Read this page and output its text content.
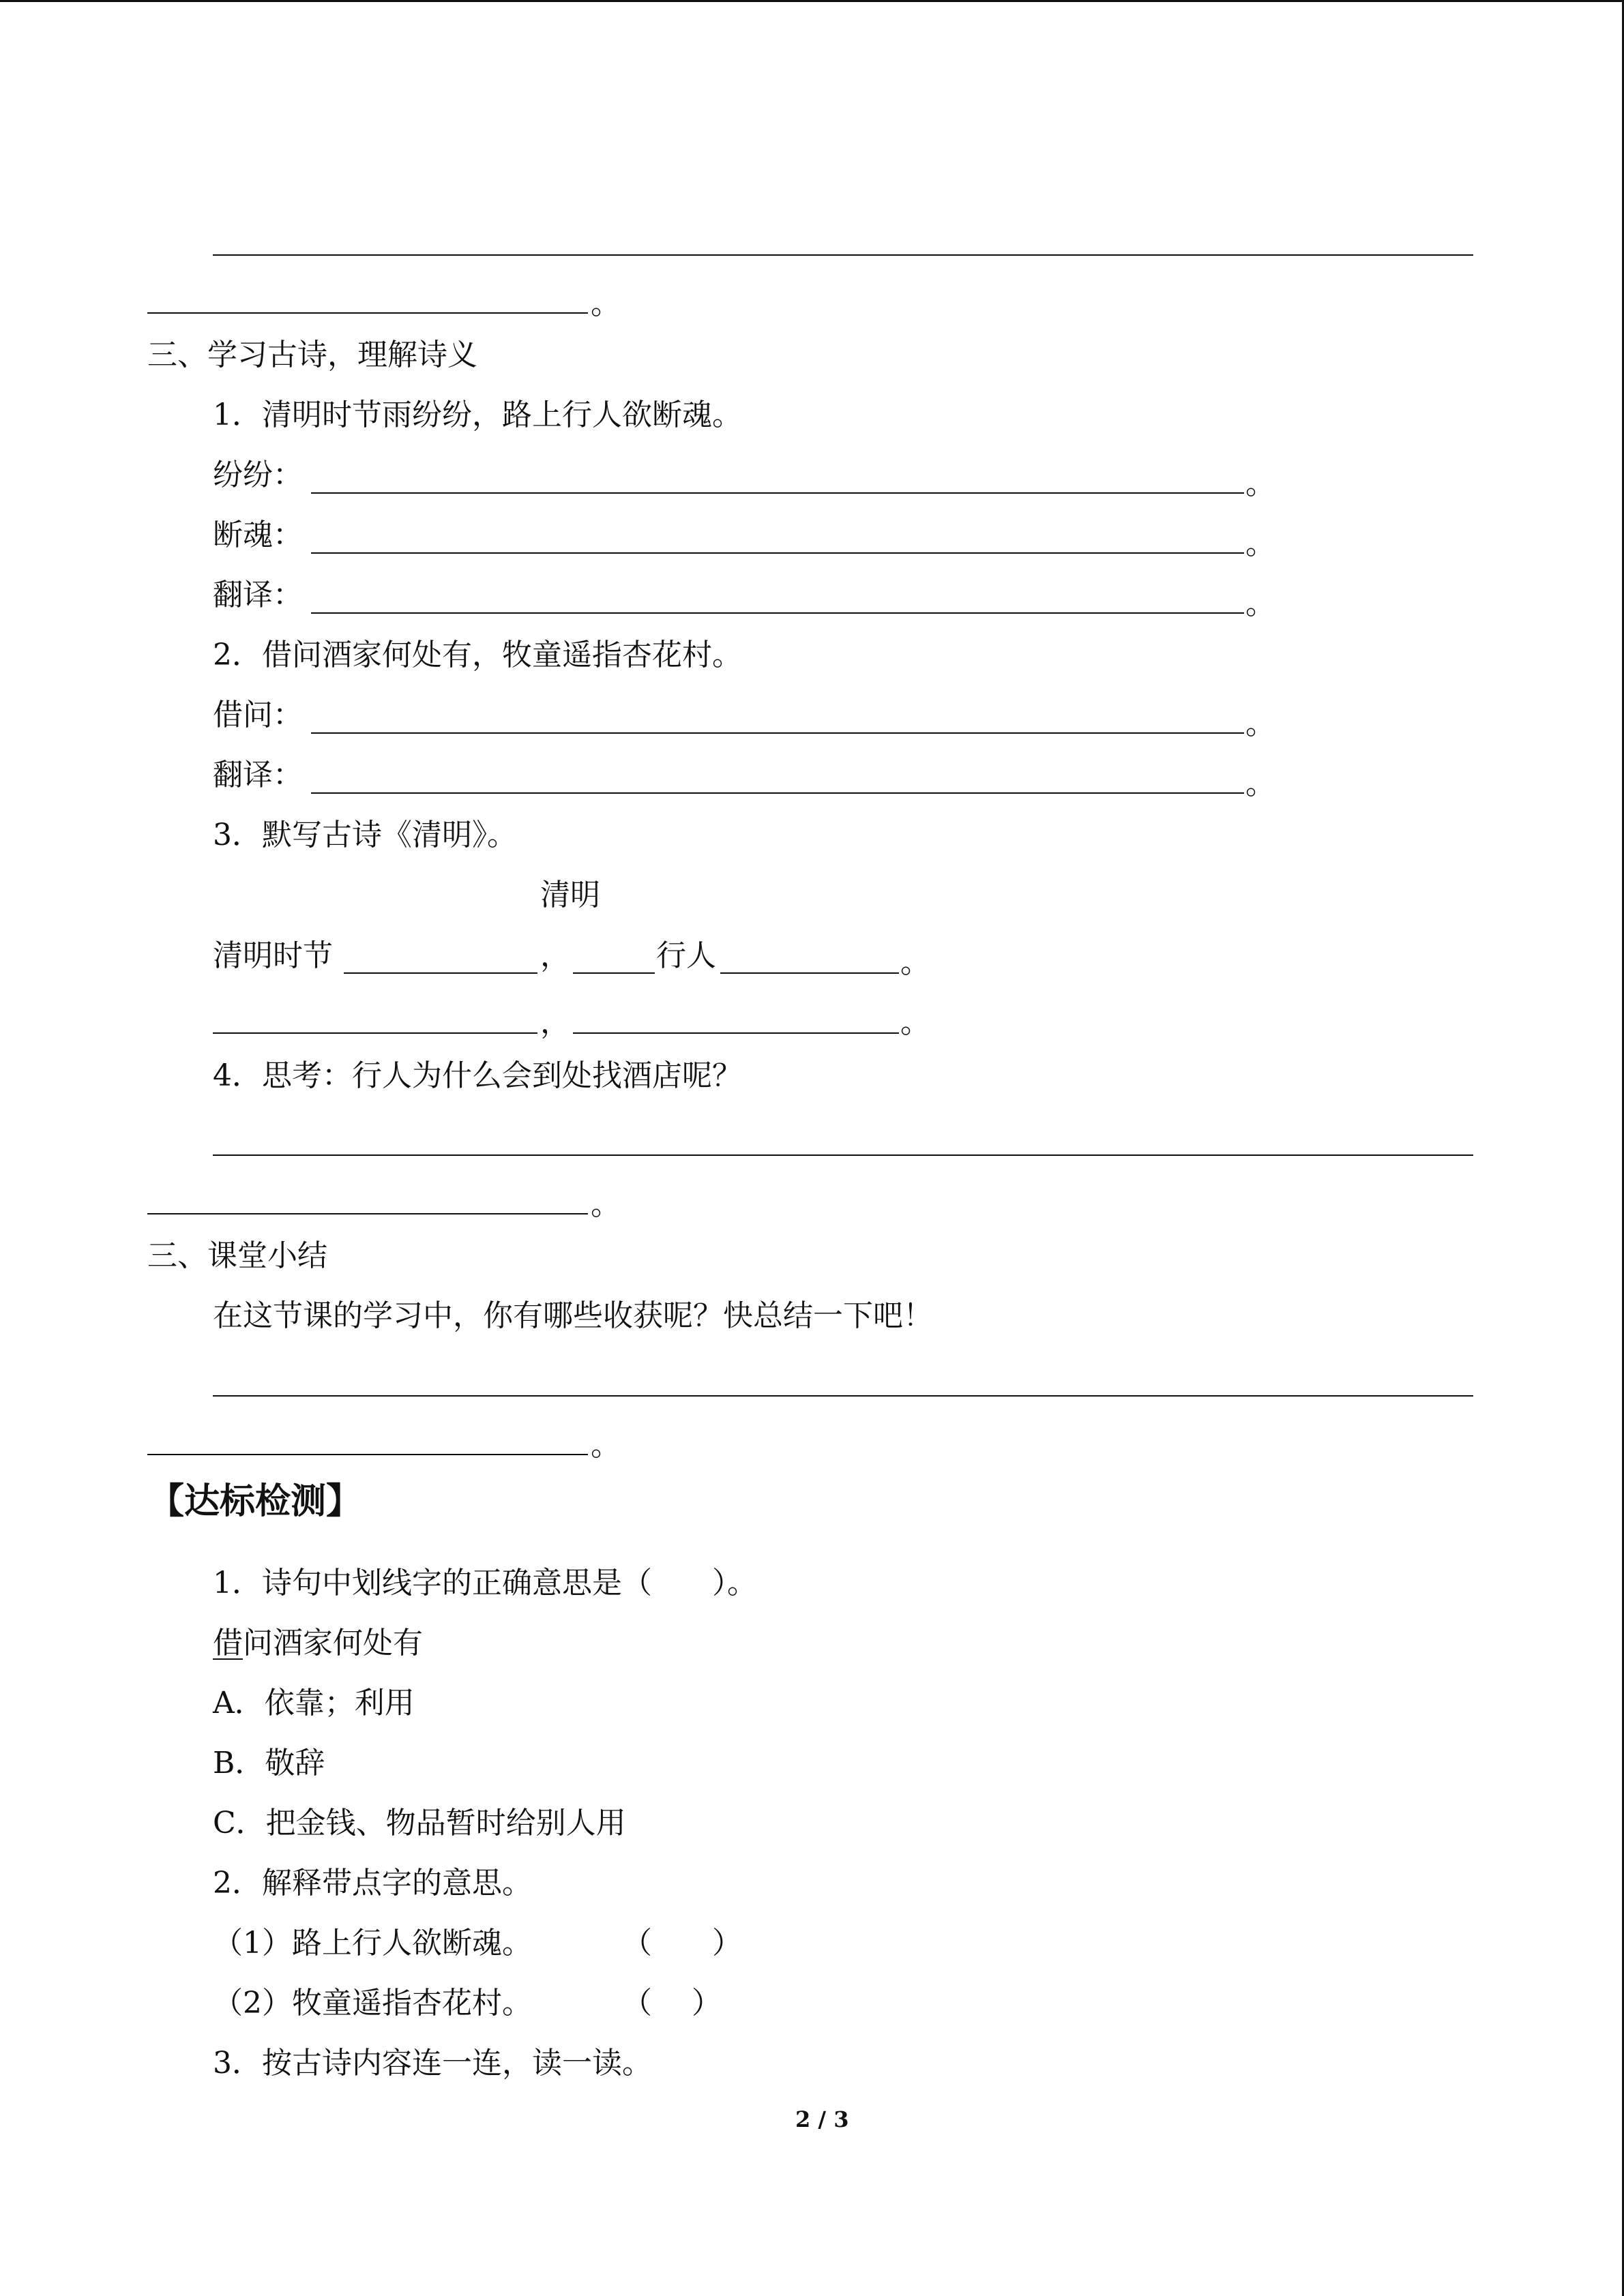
。
三、学习古诗，理解诗义
1．清明时节雨纷纷，路上行人欲断魂。
纷纷：	。
断魂：	。
翻译：	。
2．借问酒家何处有，牧童遥指杏花村。
借问：	。
翻译：	。
3．默写古诗《清明》。
清明
清明时节	，	行人	。
，	。
4．思考：行人为什么会到处找酒店呢？
。
三、课堂小结
在这节课的学习中，你有哪些收获呢？快总结一下吧！
。
【达标检测】
1．诗句中划线字的正确意思是（　　）。
借问酒家何处有
A．依靠；利用
B．敬辞
C．把金钱、物品暂时给别人用
2．解释带点字的意思。
（1）路上行人欲断魂。	（　　）
（2）牧童遥指杏花村。	（　 ）
3．按古诗内容连一连，读一读。
2 / 3
